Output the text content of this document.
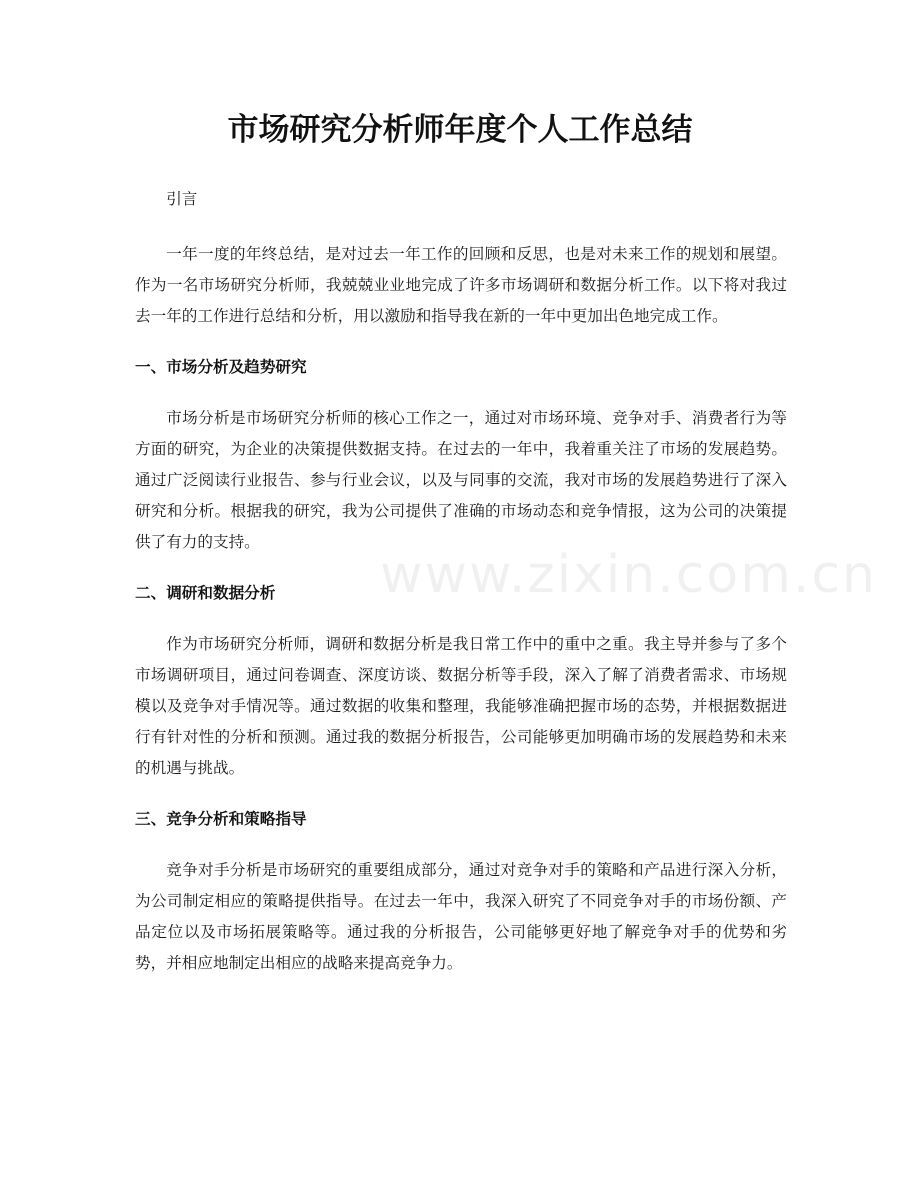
市场研究分析师年度个人工作总结

引言

一年一度的年终总结，是对过去一年工作的回顾和反思，也是对未来工作的规划和展望。作为一名市场研究分析师，我兢兢业业地完成了许多市场调研和数据分析工作。以下将对我过去一年的工作进行总结和分析，用以激励和指导我在新的一年中更加出色地完成工作。

一、市场分析及趋势研究

市场分析是市场研究分析师的核心工作之一，通过对市场环境、竞争对手、消费者行为等方面的研究，为企业的决策提供数据支持。在过去的一年中，我着重关注了市场的发展趋势。通过广泛阅读行业报告、参与行业会议，以及与同事的交流，我对市场的发展趋势进行了深入研究和分析。根据我的研究，我为公司提供了准确的市场动态和竞争情报，这为公司的决策提供了有力的支持。

二、调研和数据分析

作为市场研究分析师，调研和数据分析是我日常工作中的重中之重。我主导并参与了多个市场调研项目，通过问卷调查、深度访谈、数据分析等手段，深入了解了消费者需求、市场规模以及竞争对手情况等。通过数据的收集和整理，我能够准确把握市场的态势，并根据数据进行有针对性的分析和预测。通过我的数据分析报告，公司能够更加明确市场的发展趋势和未来的机遇与挑战。

三、竞争分析和策略指导

竞争对手分析是市场研究的重要组成部分，通过对竞争对手的策略和产品进行深入分析，为公司制定相应的策略提供指导。在过去一年中，我深入研究了不同竞争对手的市场份额、产品定位以及市场拓展策略等。通过我的分析报告，公司能够更好地了解竞争对手的优势和劣势，并相应地制定出相应的战略来提高竞争力。

www.zixin.com.cn
